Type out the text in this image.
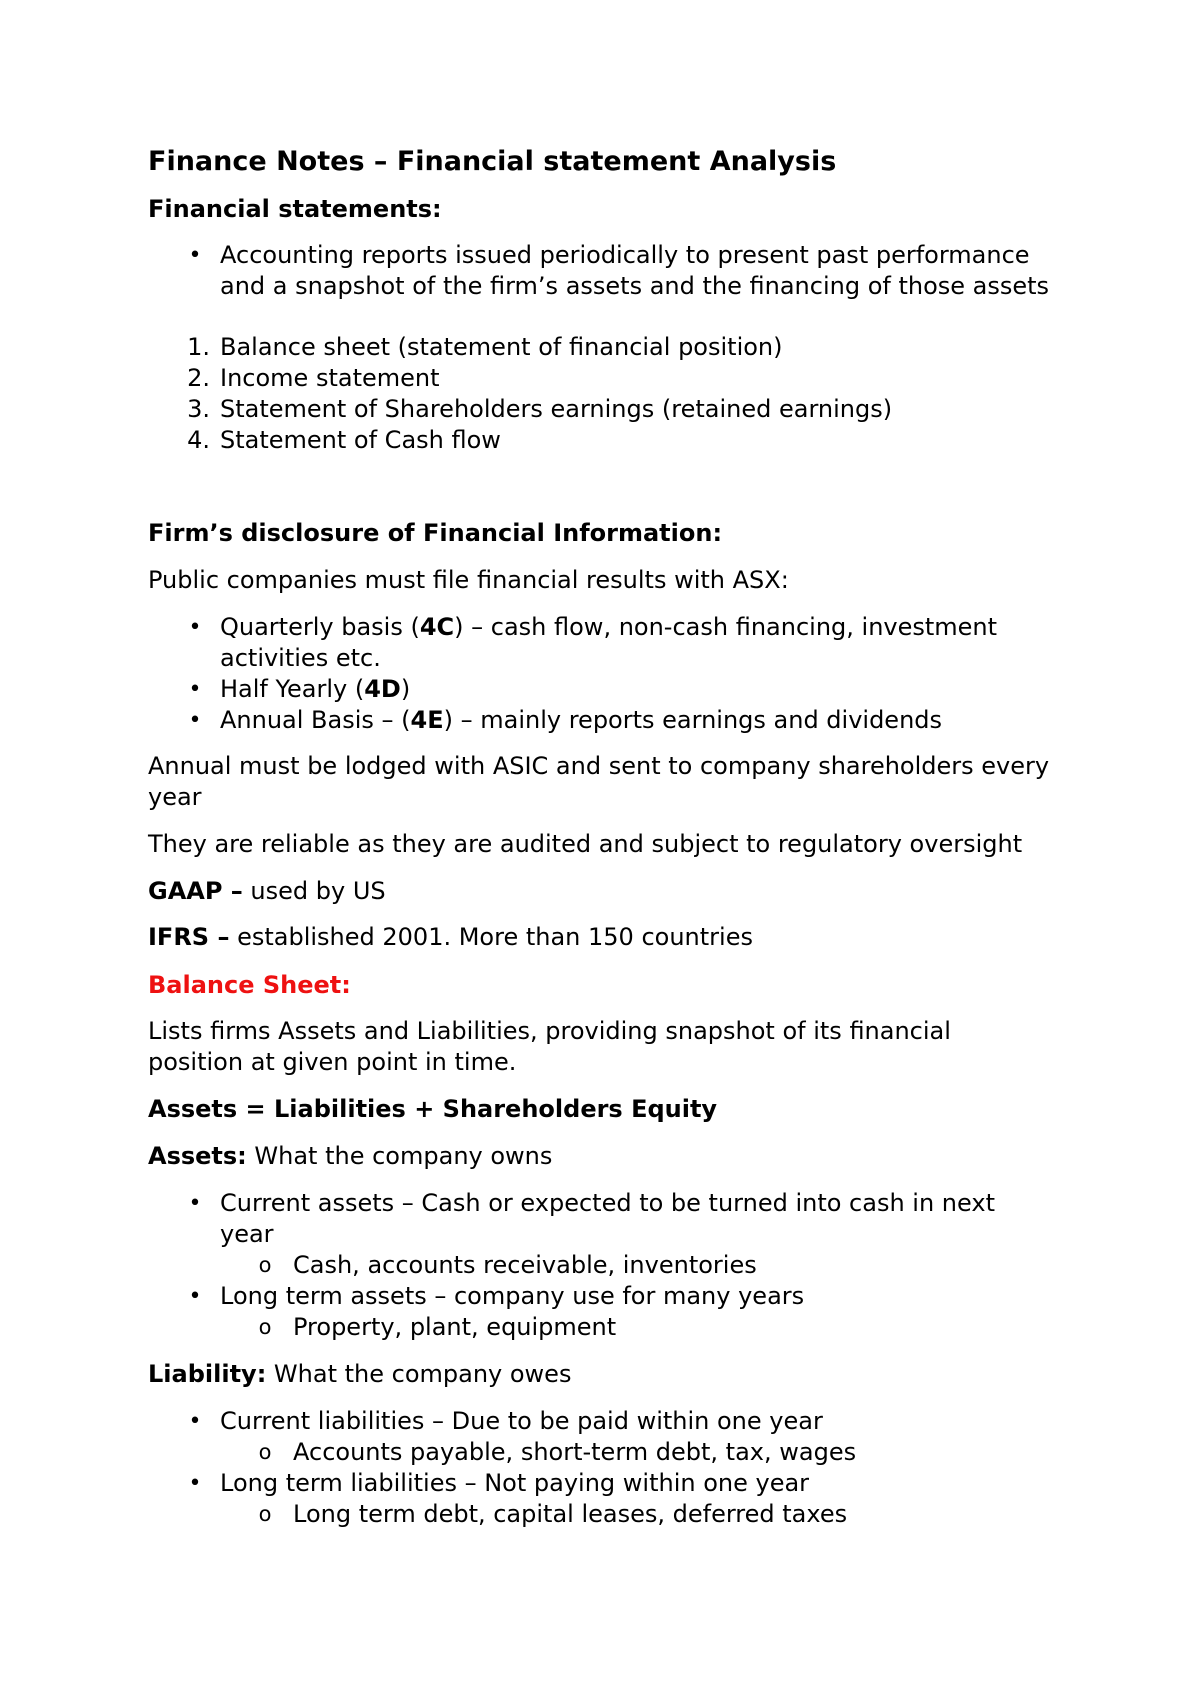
Finance Notes – Financial statement Analysis
Financial statements:
• Accounting reports issued periodically to present past performance
and a snapshot of the firm’s assets and the financing of those assets
1. Balance sheet (statement of financial position)
2. Income statement
3. Statement of Shareholders earnings (retained earnings)
4. Statement of Cash flow
Firm’s disclosure of Financial Information:
Public companies must file financial results with ASX:
• Quarterly basis (4C) – cash flow, non-cash financing, investment
activities etc.
• Half Yearly (4D)
• Annual Basis – (4E) – mainly reports earnings and dividends
Annual must be lodged with ASIC and sent to company shareholders every
year
They are reliable as they are audited and subject to regulatory oversight
GAAP – used by US
IFRS – established 2001. More than 150 countries
Balance Sheet:
Lists firms Assets and Liabilities, providing snapshot of its financial
position at given point in time.
Assets = Liabilities + Shareholders Equity
Assets: What the company owns
• Current assets – Cash or expected to be turned into cash in next
year
o Cash, accounts receivable, inventories
• Long term assets – company use for many years
o Property, plant, equipment
Liability: What the company owes
• Current liabilities – Due to be paid within one year
o Accounts payable, short-term debt, tax, wages
• Long term liabilities – Not paying within one year
o Long term debt, capital leases, deferred taxes
